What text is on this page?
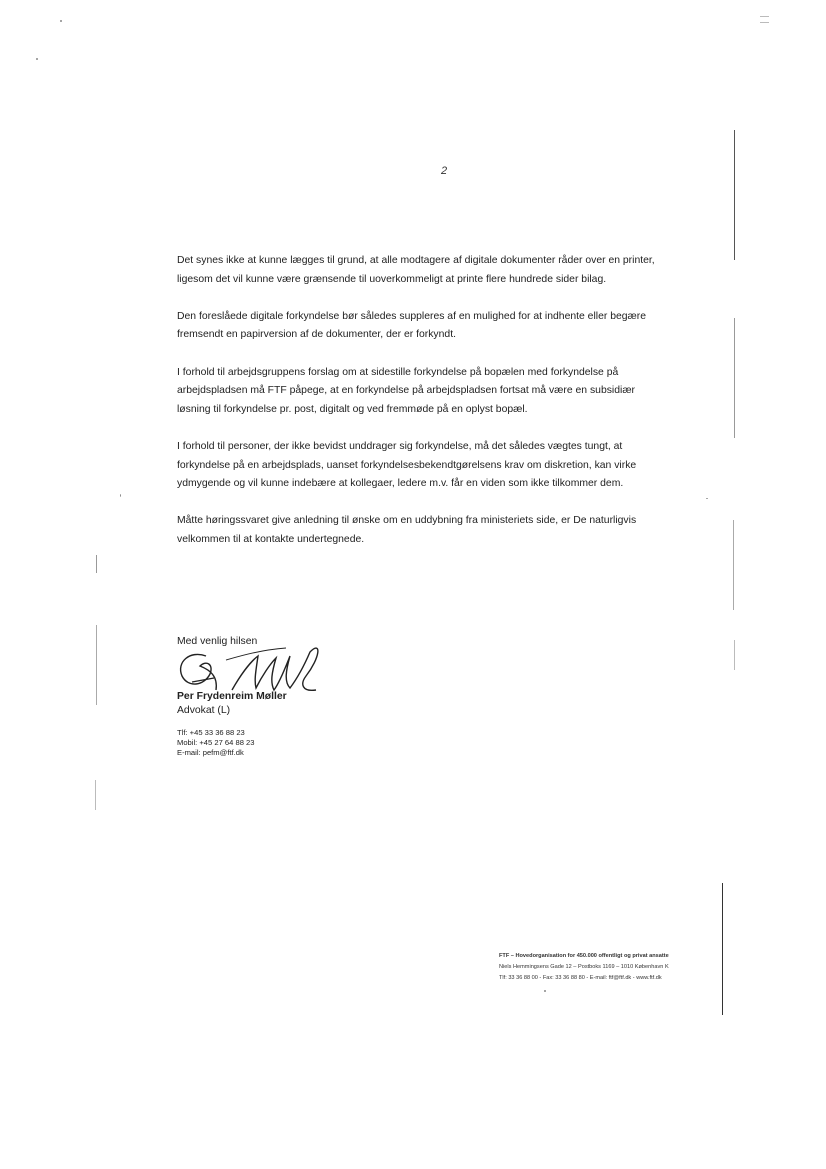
2

Det synes ikke at kunne lægges til grund, at alle modtagere af digitale dokumenter råder over en printer, ligesom det vil kunne være grænsende til uoverkommeligt at printe flere hundrede sider bilag.

Den foreslåede digitale forkyndelse bør således suppleres af en mulighed for at indhente eller begære fremsendt en papirversion af de dokumenter, der er forkyndt.

I forhold til arbejdsgruppens forslag om at sidestille forkyndelse på bopælen med forkyndelse på arbejdspladsen må FTF påpege, at en forkyndelse på arbejdspladsen fortsat må være en subsidiær løsning til forkyndelse pr. post, digitalt og ved fremmøde på en oplyst bopæl.

I forhold til personer, der ikke bevidst unddrager sig forkyndelse, må det således vægtes tungt, at forkyndelse på en arbejdsplads, uanset forkyndelsesbekendtgørelsens krav om diskretion, kan virke ydmygende og vil kunne indebære at kollegaer, ledere m.v. får en viden som ikke tilkommer dem.

Måtte høringssvaret give anledning til ønske om en uddybning fra ministeriets side, er De naturligvis velkommen til at kontakte undertegnede.

Med venlig hilsen
Per Frydenreim Møller
Advokat (L)
Tlf: +45 33 36 88 23
Mobil: +45 27 64 88 23
E-mail: pefm@ftf.dk
FTF – Hovedorganisation for 450.000 offentligt og privat ansatte
Niels Hemmingsens Gade 12 – Postboks 1169 – 1010 København K
Tlf: 33 36 88 00 - Fax: 33 36 88 80 - E-mail: ftf@ftf.dk - www.ftf.dk
